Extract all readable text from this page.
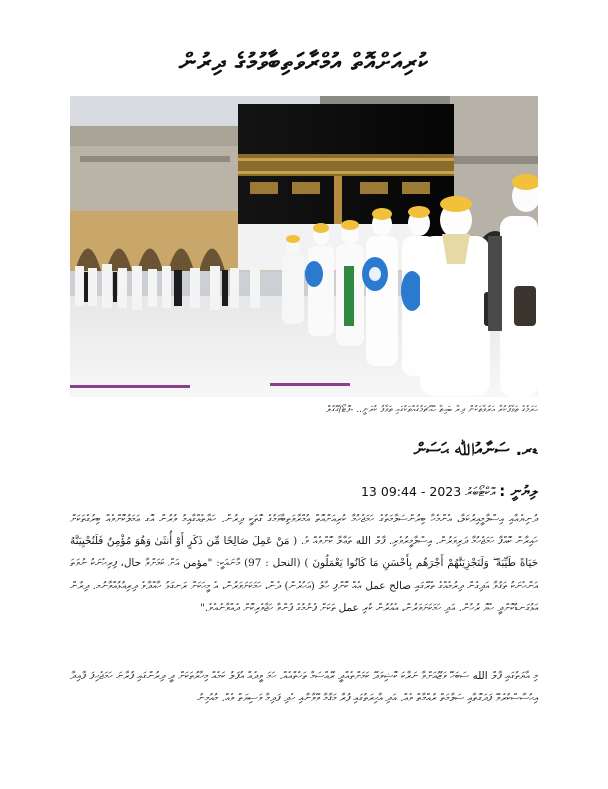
ކުރިއަށްއޮތް އުމްރާވަތިބާވުމުގެ ދިރުން
ހަރަމުގެ ތަވާފުކުރާ އަރުވާތަކުން ދިރާ ބައިތާ ހޭއްޗަމުގެއްތަކުގައި ތަވާފު ކުރަނީ.. -ފޮޓޯ/ގޫގުލް
ޑރ. ސަނާއުﷲ ޙަސަން
ލިޔުނީ : 13 އޮކްޓޯބަރު 2023 - 09:44
ދުނިޔެއާއި އިސްލާމީއިރުކަލާ، އެންމެހާ ބިރުންސަލާމަތުގެ ހަމަޖެހުމާ ކުރިއަށްއޮތް އުމްރާވަތިބާވަމުގެ ގޮތަކީ ދިރުން. ހަޔާތެއްގާއިމު ވުރުން އޮގ ޢަމަލުކޮށްވެއް ބިރުގެތަކަށް ހައިރާން ކޮއްފާ ހަމަޖެހުމާ ދަރިވަރުން. އިސްލާމީރުވެރި. ފާލް الله ތަޢާލާ ކޮށްވެއް ވެ. ( مَنْ عَمِلَ صَالِحًا مِّن ذَكَرٍ أَوْ أُنثَىٰ وَهُوَ مُؤْمِنٌ فَلَنُحْيِيَنَّهُ حَيَاةً طَيِّبَةً ۖ وَلَنَجْزِيَنَّهُمْ أَجْرَهُم بِأَحْسَنِ مَا كَانُوا يَعْمَلُونَ ) (النحل : 97) މާނައަކީ: "مؤمن އަށް ކަމަށްވާ حال، ފިރިހެނަކު ނުވަތަ އަންހެނަކު ތަޤުވާ އަދިގެން ދިރުމެއްގެ ތެރޭގައި صالح عمل އެއް ކޮށްފި ހާލު (އަހުރެން) ދެން، ހަމަކަށަވަރުން، އެ މީހަކަށް ރަނގަޅު ހާއްދާވެ ދިރިއުޅުއްވާނުމ. ދިރުން އަޅުގަނޑުކޮށްދީ ހެޔޮ ރުހުން. އަދި ހަމަކަށަވަރުން، އެއުރުން ކުރި عمل ތަކަށް ފެނުމުގެ ފެންވާ ހަޖާވެރިކޮށް ދެއްވާނެއެވެ."
މި އާޔަތުގައި ފާލް الله ސަބަހޭ ވަޒޫއަށްވާ ނަރާކަ ކޮޝިވަދޭ ކަމަށްތެއްދީ ރޭއްސަމާ ތަހެތްއެއް. ހަމަ ވީދެއް އުފަލު ކަމެއް މިހާރުތަކަށް ދީ ދިރުންގައި ފުރާނަ ހަމަޖެހިފަ ފާއިދާ އިޙުސާސްކުރެވޭ ފަދަގޮތާއި ސަލާމަތް ރުއްމާތް ވެއް. އަދި އާޙިރަތުގައި ފުރާ މަޤާމާ ވޭވާނާއި ހެދި ފަދިމާ ވަސިޔަތް ވެއް. މުއުމިނު
